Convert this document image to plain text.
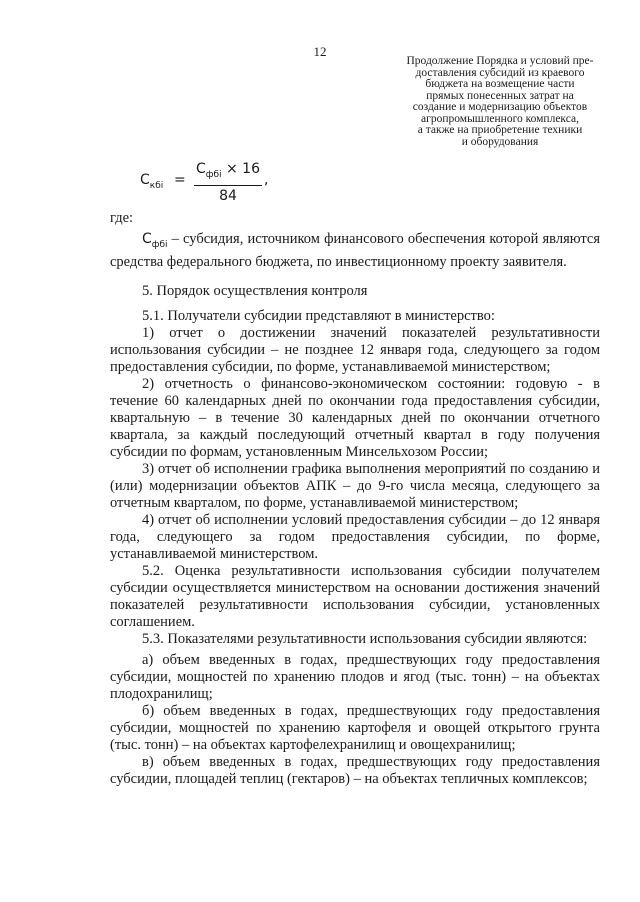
12
Продолжение Порядка и условий пре-
доставления субсидий из краевого
бюджета на возмещение части
прямых понесенных затрат на
создание и модернизацию объектов
агропромышленного комплекса,
а также на приобретение техники
и оборудования
$С_{кбi}$ =
$С_{фбi} \times 16$
84
,

где:

$С_{фбi}$ – субсидия, источником финансового обеспечения которой являются средства федерального бюджета, по инвестиционному проекту заявителя.

5. Порядок осуществления контроля

5.1. Получатели субсидии представляют в министерство:

1) отчет о достижении значений показателей результативности использования субсидии – не позднее 12 января года, следующего за годом предоставления субсидии, по форме, устанавливаемой министерством;

2) отчетность о финансово-экономическом состоянии: годовую - в течение 60 календарных дней по окончании года предоставления субсидии, квартальную – в течение 30 календарных дней по окончании отчетного квартала, за каждый последующий отчетный квартал в году получения субсидии по формам, установленным Минсельхозом России;

3) отчет об исполнении графика выполнения мероприятий по созданию и (или) модернизации объектов АПК – до 9-го числа месяца, следующего за отчетным кварталом, по форме, устанавливаемой министерством;

4) отчет об исполнении условий предоставления субсидии – до 12 января года, следующего за годом предоставления субсидии, по форме, устанавливаемой министерством.

5.2. Оценка результативности использования субсидии получателем субсидии осуществляется министерством на основании достижения значений показателей результативности использования субсидии, установленных соглашением.

5.3. Показателями результативности использования субсидии являются:

а) объем введенных в годах, предшествующих году предоставления субсидии, мощностей по хранению плодов и ягод (тыс. тонн) – на объектах плодохранилищ;

б) объем введенных в годах, предшествующих году предоставления субсидии, мощностей по хранению картофеля и овощей открытого грунта (тыс. тонн) – на объектах картофелехранилищ и овощехранилищ;

в) объем введенных в годах, предшествующих году предоставления субсидии, площадей теплиц (гектаров) – на объектах тепличных комплексов;
